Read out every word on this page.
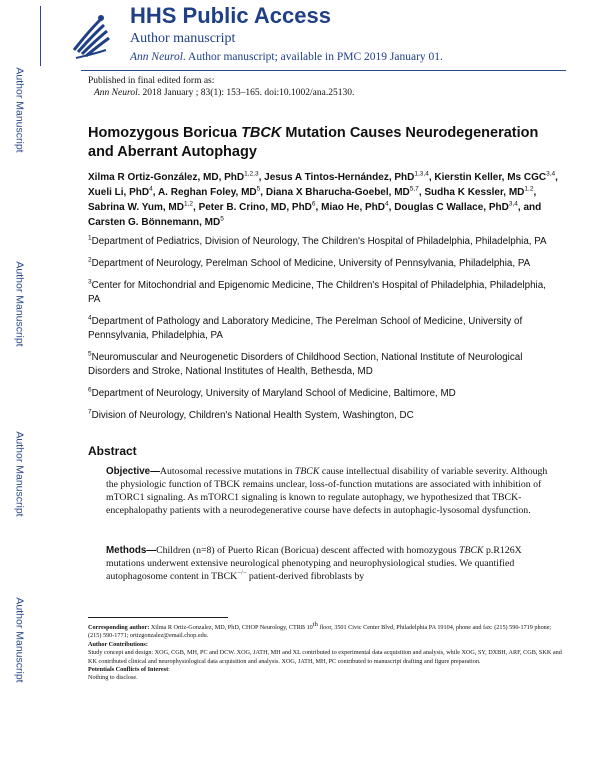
Author Manuscript
Author Manuscript
Author Manuscript
Author Manuscript
HHS Public Access
Author manuscript
Ann Neurol. Author manuscript; available in PMC 2019 January 01.
Published in final edited form as:
Ann Neurol. 2018 January ; 83(1): 153–165. doi:10.1002/ana.25130.
Homozygous Boricua TBCK Mutation Causes Neurodegeneration and Aberrant Autophagy
Xilma R Ortiz-González, MD, PhD$^{1,2,3}$, Jesus A Tintos-Hernández, PhD$^{1,3,4}$, Kierstin Keller, Ms CGC$^{3,4}$, Xueli Li, PhD$^4$, A. Reghan Foley, $MD^5$, Diana X Bharucha-Goebel, MD$^{5,7}$, Sudha K Kessler, MD$^{1,2}$, Sabrina W. Yum, MD$^{1,2}$, Peter B. Crino, MD, PhD$^6$, Miao He, PhD$^4$, Douglas C Wallace, PhD$^{3,4}$, and Carsten G. Bönnemann, $MD^5$
$^1$Department of Pediatrics, Division of Neurology, The Children's Hospital of Philadelphia, Philadelphia, PA
$^2$Department of Neurology, Perelman School of Medicine, University of Pennsylvania, Philadelphia, PA
$^3$Center for Mitochondrial and Epigenomic Medicine, The Children's Hospital of Philadelphia, Philadelphia, PA
$^4$Department of Pathology and Laboratory Medicine, The Perelman School of Medicine, University of Pennsylvania, Philadelphia, PA
$^5$Neuromuscular and Neurogenetic Disorders of Childhood Section, National Institute of Neurological Disorders and Stroke, National Institutes of Health, Bethesda, MD
$^6$Department of Neurology, University of Maryland School of Medicine, Baltimore, MD
$^7$Division of Neurology, Children's National Health System, Washington, DC
Abstract
Objective—Autosomal recessive mutations in TBCK cause intellectual disability of variable severity. Although the physiologic function of TBCK remains unclear, loss-of-function mutations are associated with inhibition of mTORC1 signaling. As mTORC1 signaling is known to regulate autophagy, we hypothesized that TBCK-encephalopathy patients with a neurodegenerative course have defects in autophagic-lysosomal dysfunction.
Methods—Children (n=8) of Puerto Rican (Boricua) descent affected with homozygous TBCK p.R126X mutations underwent extensive neurological phenotyping and neurophysiological studies. We quantified autophagosome content in TBCK−/− patient-derived fibroblasts by
Corresponding author: Xilma R Ortiz-Gonzalez, MD, PhD, CHOP Neurology, CTRB 10th floor, 3501 Civic Center Blvd, Philadelphia PA 19104, phone and fax: (215) 590-1719 phone; (215) 590-1771; ortizgonzalez@email.chop.edu.
Author Contributions:
Study concept and design: XOG, CGB, MH, PC and DCW. XOG, JATH, MH and XL contributed to experimental data acquisition and analysis, while XOG, SY, DXBH, ARF, CGB, SKK and KK contributed clinical and neurophysiological data acquisition and analysis. XOG, JATH, MH, PC contributed to manuscript drafting and figure preparation.
Potentials Conflicts of Interest:
Nothing to disclose.
